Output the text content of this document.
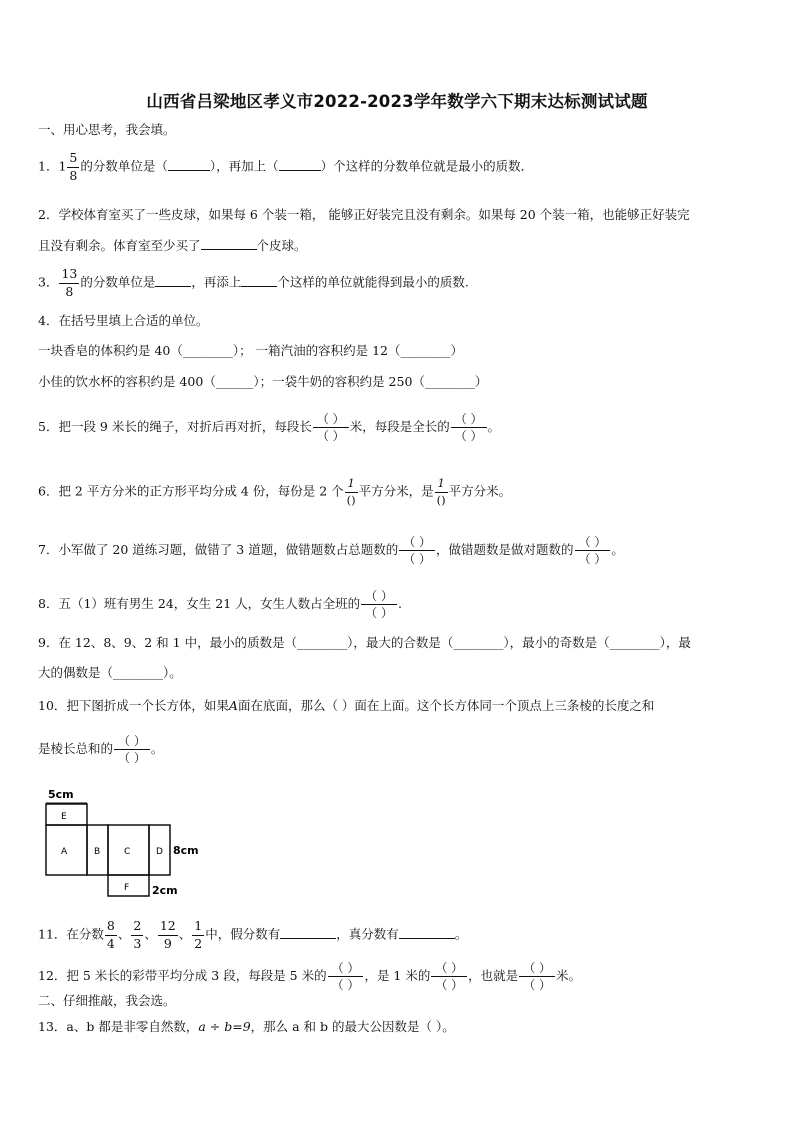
山西省吕梁地区孝义市2022-2023学年数学六下期末达标测试试题
一、用心思考，我会填。
1．$1 \frac{5}{8}$ 的分数单位是（	），再加上（	）个这样的分数单位就是最小的质数．
2．学校体育室买了一些皮球，如果每 6 个装一箱， 能够正好装完且没有剩余。如果每 20 个装一箱，也能够正好装完
且没有剩余。体育室至少买了	个皮球。
3． $\frac{13}{8}$ 的分数单位是	，再添上	个这样的单位就能得到最小的质数.
4．在括号里填上合适的单位。
一块香皂的体积约是 40（________）； 一箱汽油的容积约是 12（________）
小佳的饮水杯的容积约是 400（______）；一袋牛奶的容积约是 250（________）
5．把一段 9 米长的绳子，对折后再对折，每段长 $\frac{( )}{( )}$ 米，每段是全长的 $\frac{( )}{( )}$ 。
6．把 2 平方分米的正方形平均分成 4 份，每份是 2 个 $\frac{1}{()}$ 平方分米，是 $\frac{1}{()}$ 平方分米。
7．小军做了 20 道练习题，做错了 3 道题，做错题数占总题数的 $\frac{( )}{( )}$ ，做错题数是做对题数的 $\frac{( )}{( )}$ 。
8．五（1）班有男生 24，女生 21 人，女生人数占全班的 $\frac{( )}{( )}$ .
9．在 12、8、9、2 和 1 中，最小的质数是（________），最大的合数是（________），最小的奇数是（________），最
大的偶数是（________）。
10．把下图折成一个长方体，如果A面在底面，那么（ ）面在上面。这个长方体同一个顶点上三条棱的长度之和
是棱长总和的 $\frac{( )}{( )}$ 。
5cm
E
A	B	C	D
F
8cm
2cm
11．在分数 $\frac{8}{4}$ 、 $\frac{2}{3}$ 、 $\frac{12}{9}$ 、 $\frac{1}{2}$ 中，假分数有	，真分数有	。
12．把 5 米长的彩带平均分成 3 段，每段是 5 米的 $\frac{( )}{( )}$ ，是 1 米的 $\frac{( )}{( )}$ ，也就是 $\frac{( )}{( )}$ 米。
二、仔细推敲，我会选。
13．a、b 都是非零自然数，a ÷ b=9，那么 a 和 b 的最大公因数是（ ）。
